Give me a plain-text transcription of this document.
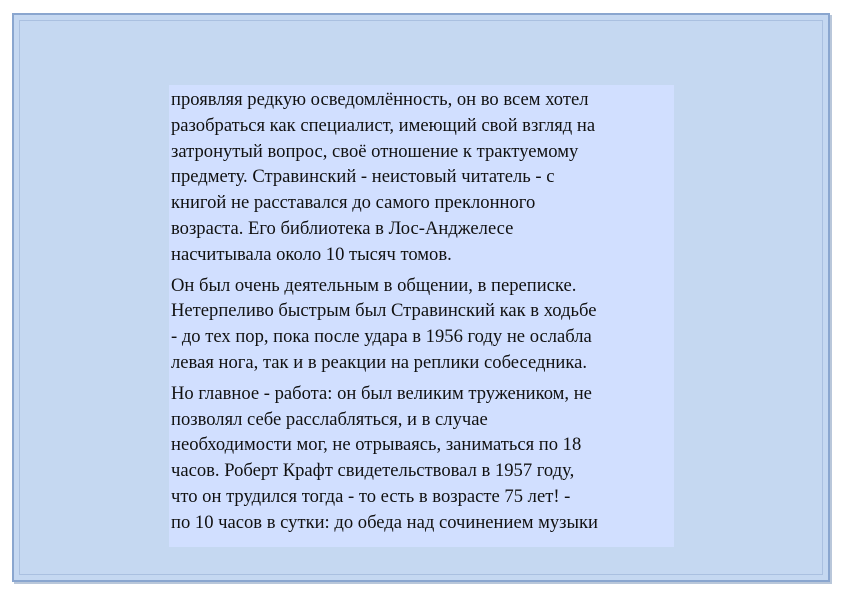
проявляя редкую осведомлённость, он во всем хотел
разобраться как специалист, имеющий свой взгляд на
затронутый вопрос, своё отношение к трактуемому
предмету. Стравинский - неистовый читатель - с
книгой не расставался до самого преклонного
возраста. Его библиотека в Лос-Анджелесе
насчитывала около 10 тысяч томов.
Он был очень деятельным в общении, в переписке.
Нетерпеливо быстрым был Стравинский как в ходьбе
- до тех пор, пока после удара в 1956 году не ослабла
левая нога, так и в реакции на реплики собеседника.
Но главное - работа: он был великим тружеником, не
позволял себе расслабляться, и в случае
необходимости мог, не отрываясь, заниматься по 18
часов. Роберт Крафт свидетельствовал в 1957 году,
что он трудился тогда - то есть в возрасте 75 лет! -
по 10 часов в сутки: до обеда над сочинением музыки
